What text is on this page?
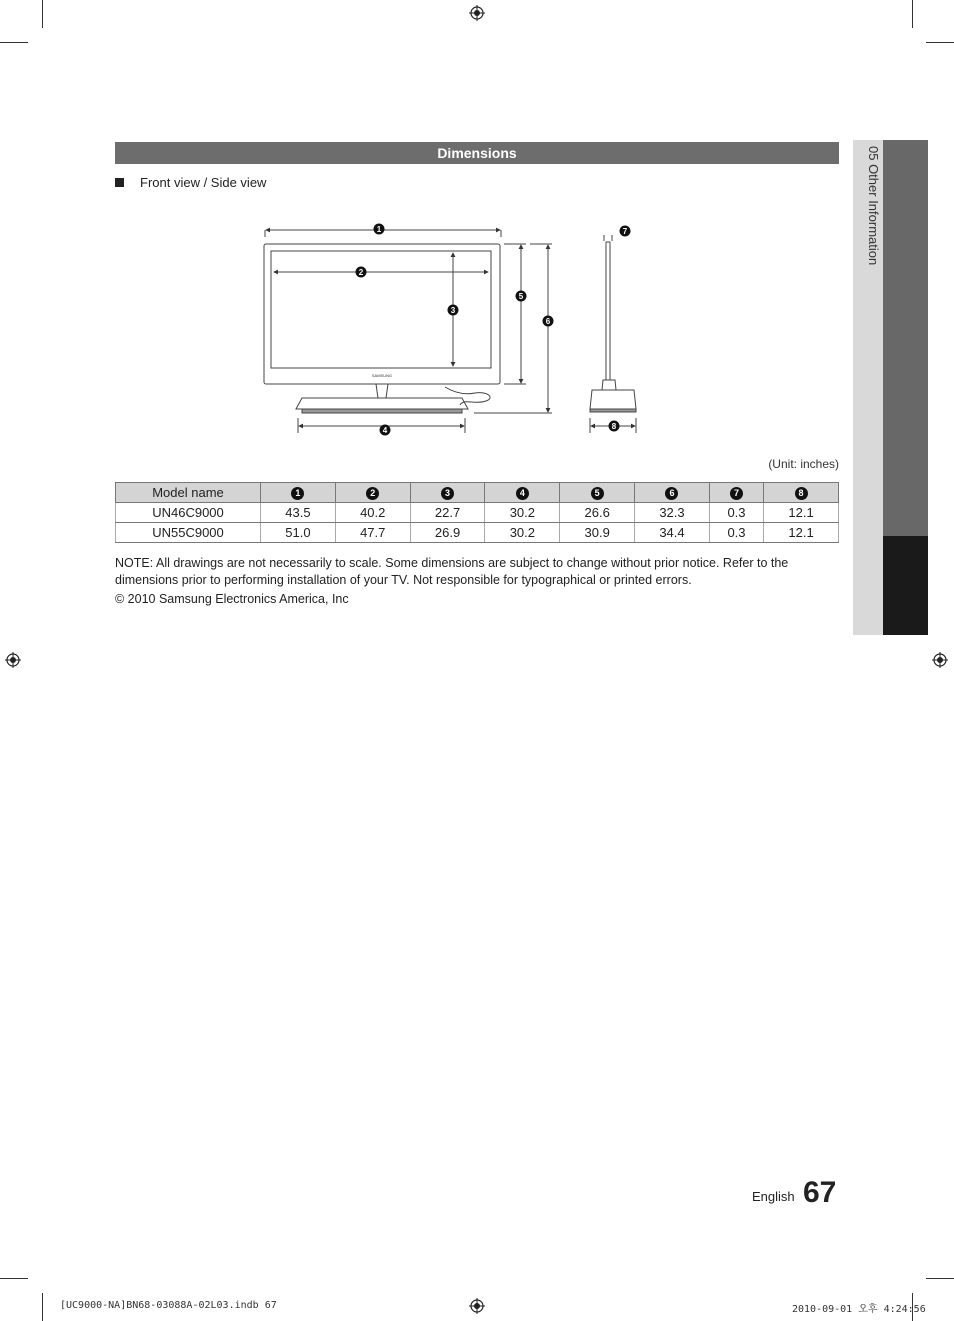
05 Other Information
Dimensions
Front view / Side view
SAMSUNG
1
2
3
4
5
6
7
8
(Unit: inches)
Model name	1	2	3	4	5	6	7	8
UN46C9000	43.5	40.2	22.7	30.2	26.6	32.3	0.3	12.1
UN55C9000	51.0	47.7	26.9	30.2	30.9	34.4	0.3	12.1
NOTE: All drawings are not necessarily to scale. Some dimensions are subject to change without prior notice. Refer to the dimensions prior to performing installation of your TV. Not responsible for typographical or printed errors.
© 2010 Samsung Electronics America, Inc
English 67
[UC9000-NA]BN68-03088A-02L03.indb 67	2010-09-01 오후 4:24:56
